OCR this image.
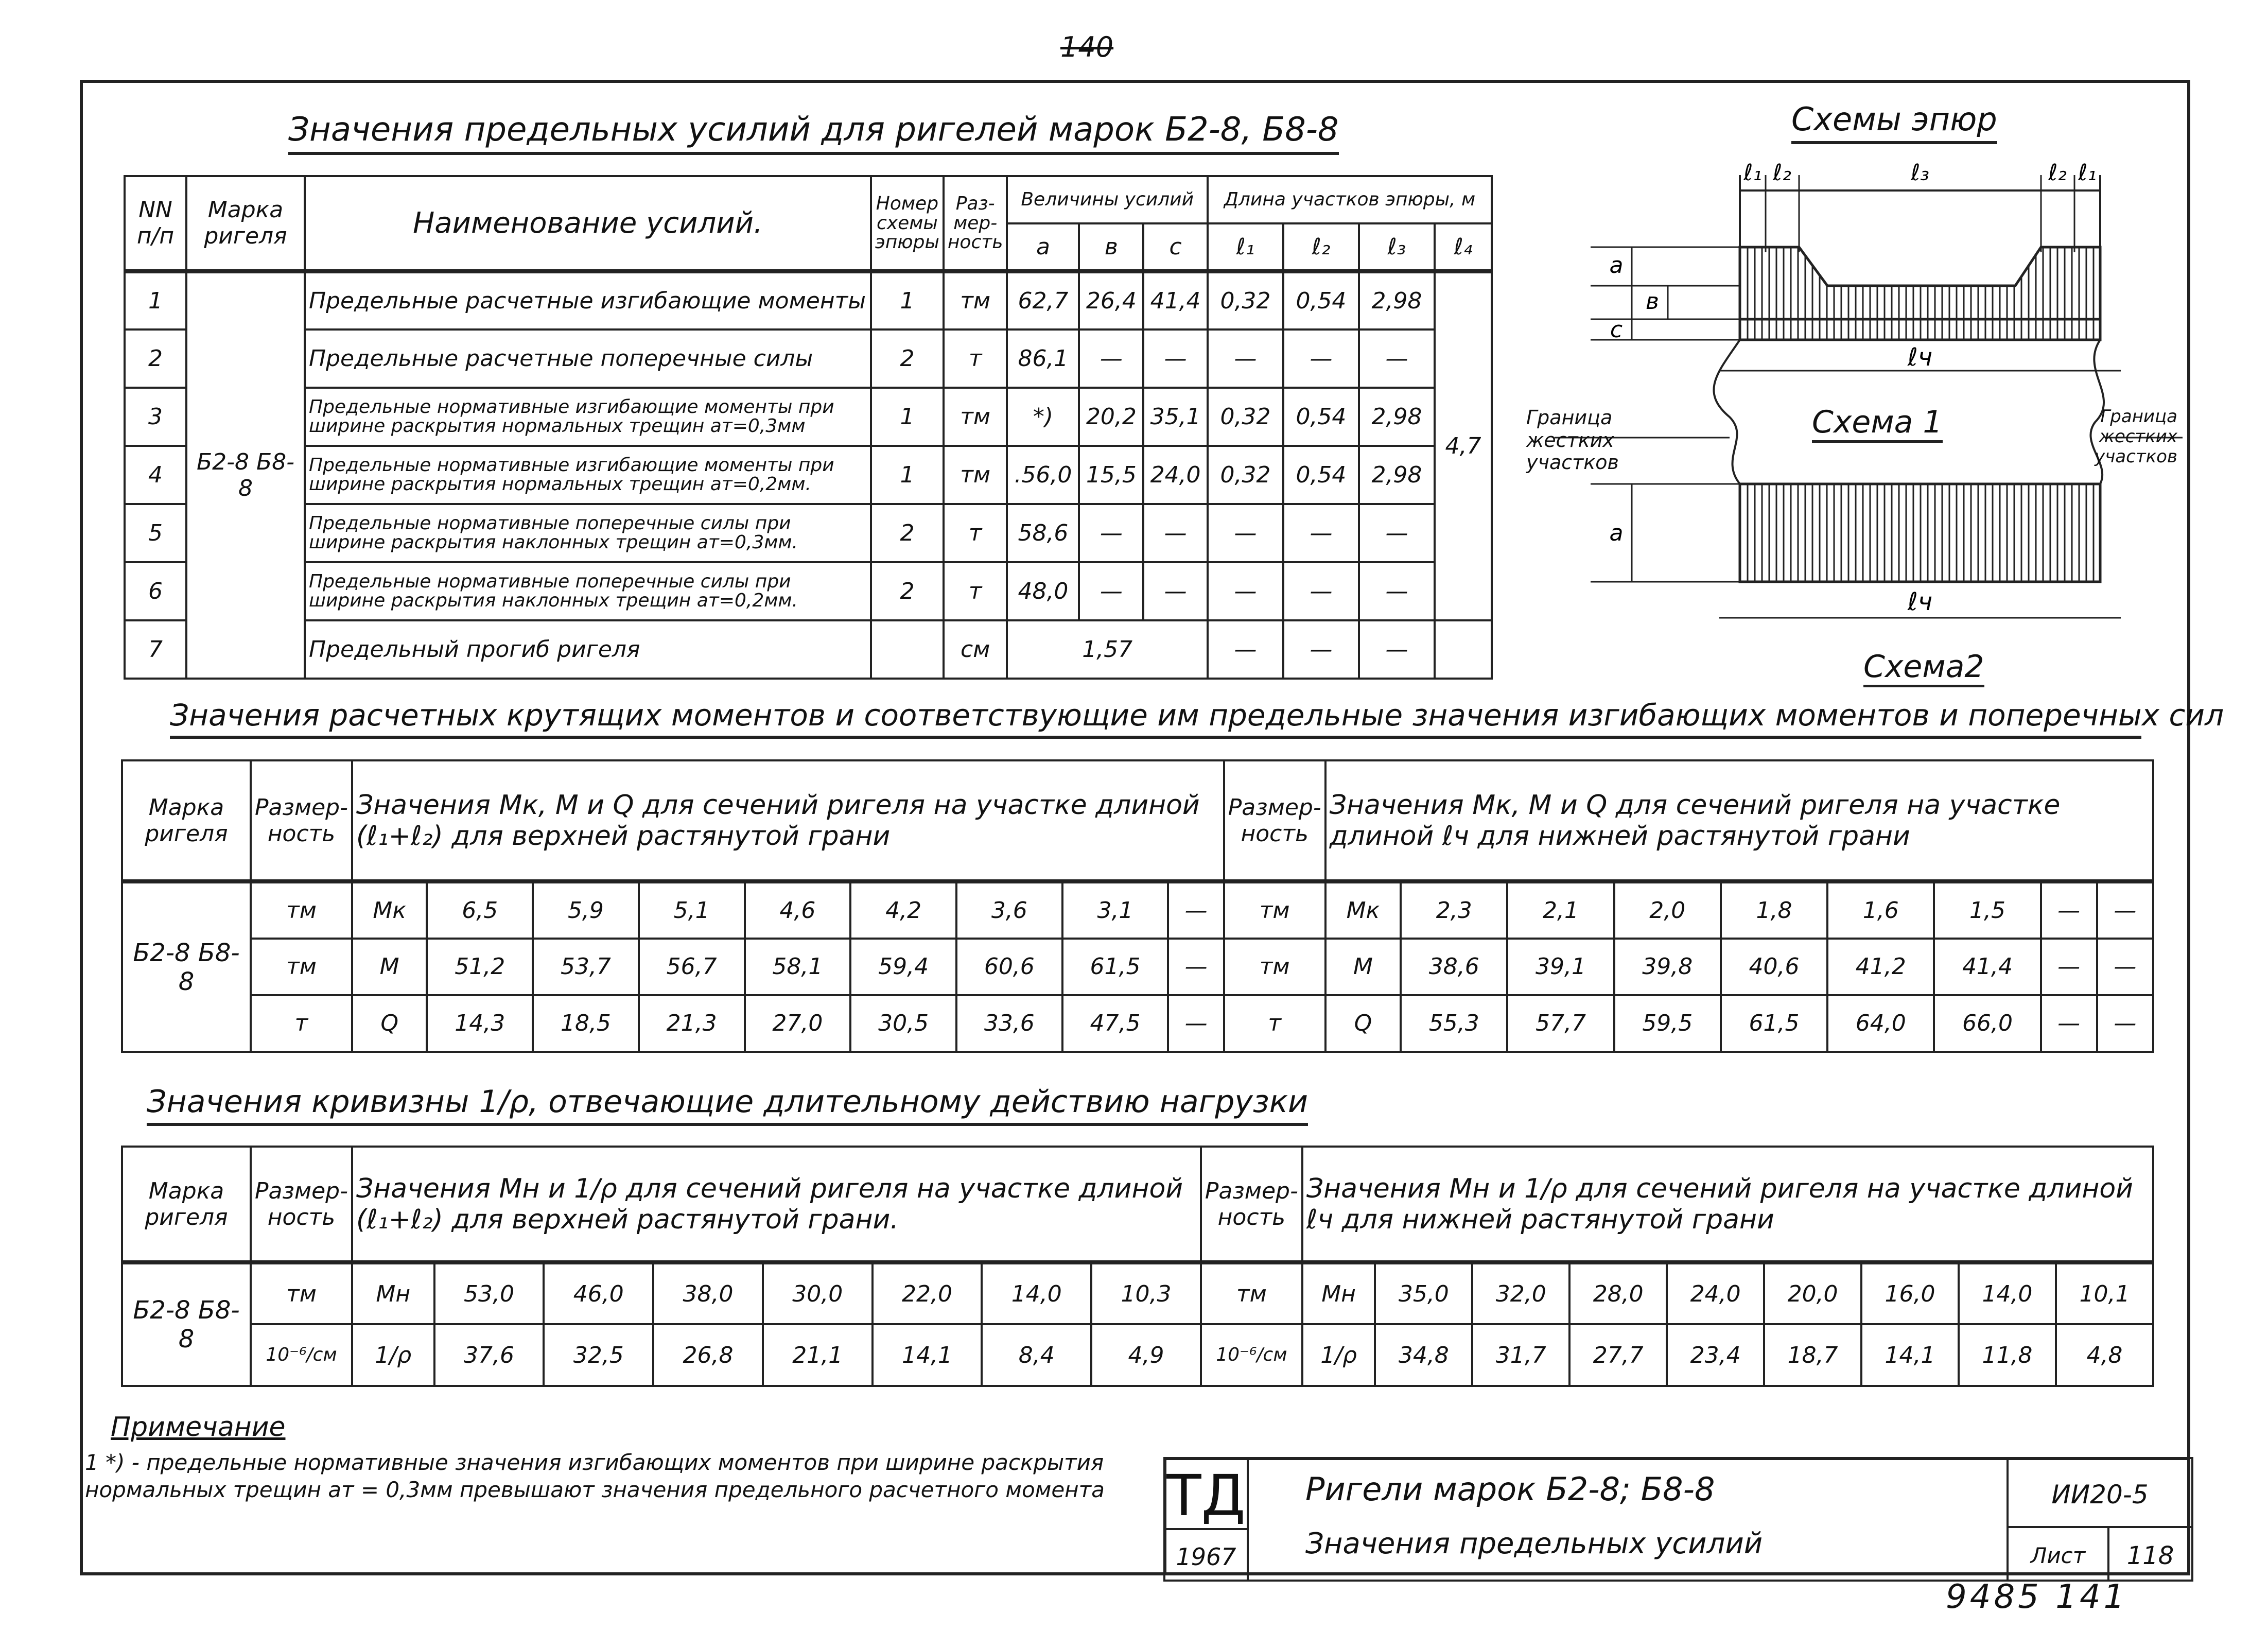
140
Значения предельных усилий для ригелей марок Б2-8, Б8-8
NN п/п	Марка ригеля	Наименование усилий.	Номер схемы эпюры	Раз-мер-ность	Величины усилий			Длина участков эпюры, м			
					a	в	с	ℓ₁	ℓ₂	ℓ₃	ℓ₄
1	Б2-8 Б8-8	Предельные расчетные изгибающие моменты	1	тм	62,7	26,4	41,4	0,32	0,54	2,98	4,7
2		Предельные расчетные поперечные силы	2	т	86,1	—	—	—	—	—	
3		Предельные нормативные изгибающие моменты при ширине раскрытия нормальных трещин aт=0,3мм	1	тм	*)	20,2	35,1	0,32	0,54	2,98	
4		Предельные нормативные изгибающие моменты при ширине раскрытия нормальных трещин aт=0,2мм.	1	тм	.56,0	15,5	24,0	0,32	0,54	2,98	
5		Предельные нормативные поперечные силы при ширине раскрытия наклонных трещин aт=0,3мм.	2	т	58,6	—	—	—	—	—	
6		Предельные нормативные поперечные силы при ширине раскрытия наклонных трещин aт=0,2мм.	2	т	48,0	—	—	—	—	—	
7		Предельный прогиб ригеля		см	1,57			—	—	—	
Схемы эпюр
ℓ₁ ℓ₂	ℓ₃	ℓ₂ ℓ₁
a
в
c
ℓч
a
ℓч
Схема 1
Граница жестких участков
Граница жестких участков
Схема2
Значения расчетных крутящих моментов и соответствующие им предельные значения изгибающих моментов и поперечных сил
Марка ригеля	Размер-ность	Значения Mк, M и Q для сечений ригеля на участке длиной (ℓ₁+ℓ₂) для верхней растянутой грани									Размер-ность	Значения Mк, M и Q для сечений ригеля на участке длиной ℓч для нижней растянутой грани								
Б2-8 Б8-8	тм	Mк	6,5	5,9	5,1	4,6	4,2	3,6	3,1	—	тм	Mк	2,3	2,1	2,0	1,8	1,6	1,5	—	—
	тм	M	51,2	53,7	56,7	58,1	59,4	60,6	61,5	—	тм	M	38,6	39,1	39,8	40,6	41,2	41,4	—	—
	т	Q	14,3	18,5	21,3	27,0	30,5	33,6	47,5	—	т	Q	55,3	57,7	59,5	61,5	64,0	66,0	—	—
Значения кривизны 1/ρ, отвечающие длительному действию нагрузки
Марка ригеля	Размер-ность	Значения Mн и 1/ρ для сечений ригеля на участке длиной (ℓ₁+ℓ₂) для верхней растянутой грани.								Размер-ность	Значения Mн и 1/ρ для сечений ригеля на участке длиной ℓч для нижней растянутой грани								
Б2-8 Б8-8	тм	Mн	53,0	46,0	38,0	30,0	22,0	14,0	10,3	тм	Mн	35,0	32,0	28,0	24,0	20,0	16,0	14,0	10,1
	10⁻⁶/см	1/ρ	37,6	32,5	26,8	21,1	14,1	8,4	4,9	10⁻⁶/см	1/ρ	34,8	31,7	27,7	23,4	18,7	14,1	11,8	4,8
Примечание
1 *) - предельные нормативные значения изгибающих моментов при ширине раскрытия нормальных трещин aт = 0,3мм превышают значения предельного расчетного момента	ТД
1967
Ригели марок Б2-8; Б8-8
Значения предельных усилий
ИИ20-5
Лист	118
9485 141
